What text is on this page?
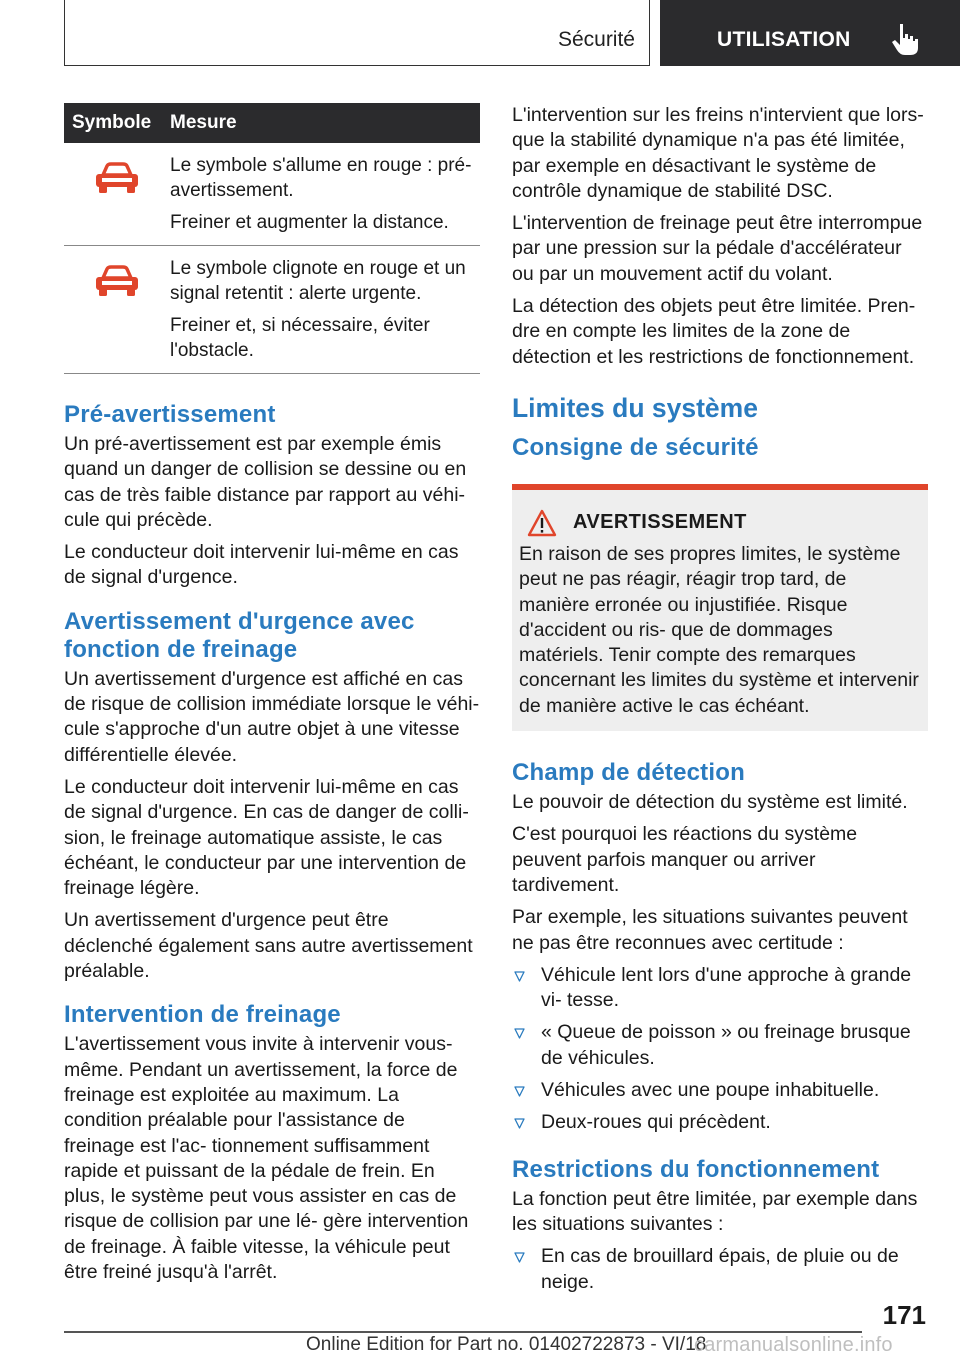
Sécurité	UTILISATION
Symbole	Mesure

Le symbole s'allume en rouge : pré-avertissement.

Freiner et augmenter la distance.

Le symbole clignote en rouge et un signal retentit : alerte urgente.

Freiner et, si nécessaire, éviter l'obstacle.

Pré-avertissement

Un pré-avertissement est par exemple émis quand un danger de collision se dessine ou en cas de très faible distance par rapport au véhi- cule qui précède.

Le conducteur doit intervenir lui-même en cas de signal d'urgence.

Avertissement d'urgence avec fonction de freinage

Un avertissement d'urgence est affiché en cas de risque de collision immédiate lorsque le véhi- cule s'approche d'un autre objet à une vitesse différentielle élevée.

Le conducteur doit intervenir lui-même en cas de signal d'urgence. En cas de danger de colli- sion, le freinage automatique assiste, le cas échéant, le conducteur par une intervention de freinage légère.

Un avertissement d'urgence peut être déclenché également sans autre avertissement préalable.

Intervention de freinage

L'avertissement vous invite à intervenir vous- même. Pendant un avertissement, la force de freinage est exploitée au maximum. La condition préalable pour l'assistance de freinage est l'ac- tionnement suffisamment rapide et puissant de la pédale de frein. En plus, le système peut vous assister en cas de risque de collision par une lé- gère intervention de freinage. À faible vitesse, la véhicule peut être freiné jusqu'à l'arrêt.

L'intervention sur les freins n'intervient que lors- que la stabilité dynamique n'a pas été limitée, par exemple en désactivant le système de contrôle dynamique de stabilité DSC.

L'intervention de freinage peut être interrompue par une pression sur la pédale d'accélérateur ou par un mouvement actif du volant.

La détection des objets peut être limitée. Pren- dre en compte les limites de la zone de détection et les restrictions de fonctionnement.

Limites du système
Consigne de sécurité
AVERTISSEMENT

En raison de ses propres limites, le système peut ne pas réagir, réagir trop tard, de manière erronée ou injustifiée. Risque d'accident ou ris- que de dommages matériels. Tenir compte des remarques concernant les limites du système et intervenir de manière active le cas échéant.

Champ de détection

Le pouvoir de détection du système est limité.

C'est pourquoi les réactions du système peuvent parfois manquer ou arriver tardivement.

Par exemple, les situations suivantes peuvent ne pas être reconnues avec certitude :

Véhicule lent lors d'une approche à grande vi- tesse.
« Queue de poisson » ou freinage brusque de véhicules.
Véhicules avec une poupe inhabituelle.
Deux-roues qui précèdent.
Restrictions du fonctionnement

La fonction peut être limitée, par exemple dans les situations suivantes :

En cas de brouillard épais, de pluie ou de neige.
171
Online Edition for Part no. 01402722873 - VI/18
carmanualsonline.info
